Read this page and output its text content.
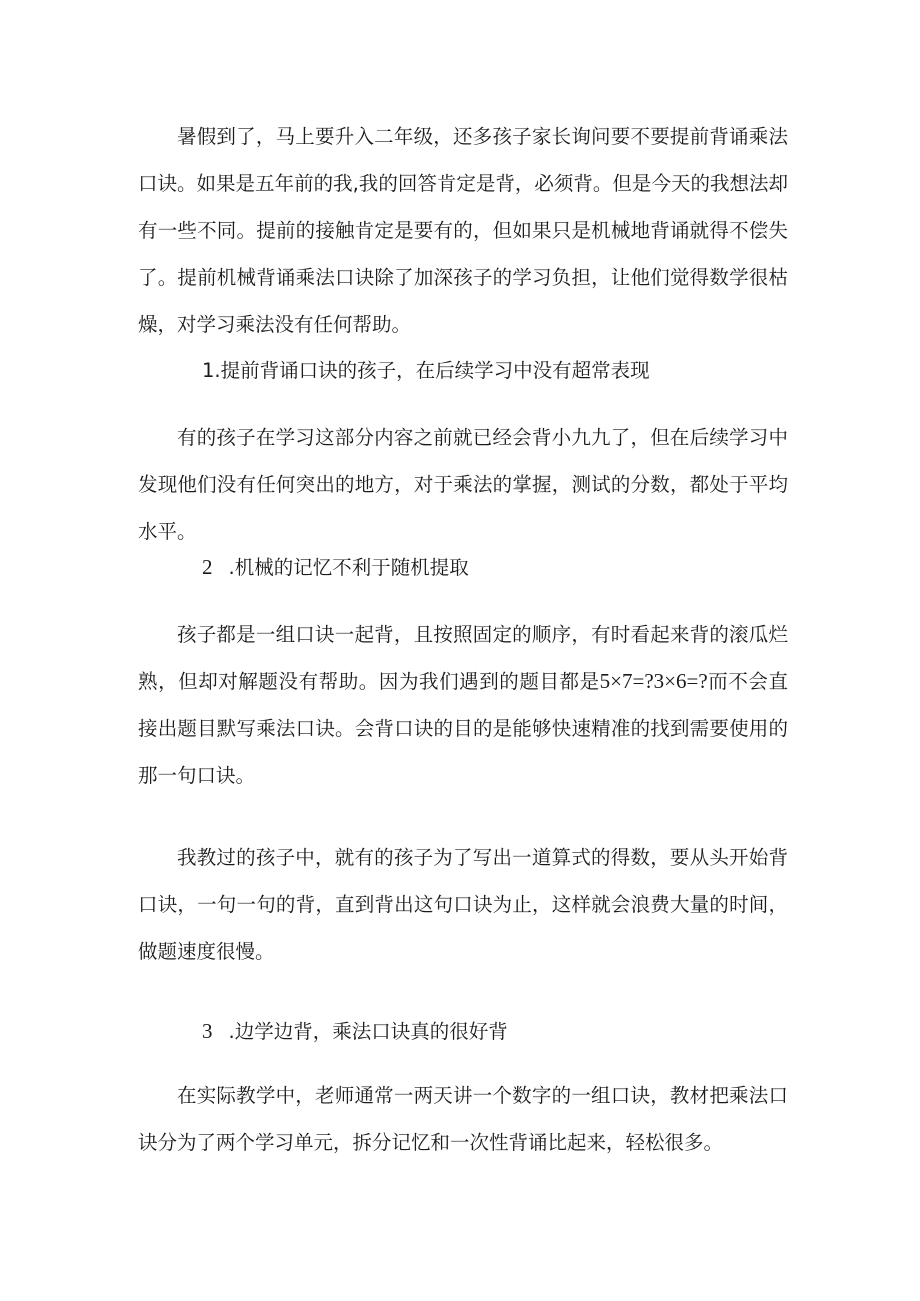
暑假到了，马上要升入二年级，还多孩子家长询问要不要提前背诵乘法口诀。如果是五年前的我,我的回答肯定是背，必须背。但是今天的我想法却有一些不同。提前的接触肯定是要有的，但如果只是机械地背诵就得不偿失了。提前机械背诵乘法口诀除了加深孩子的学习负担，让他们觉得数学很枯燥，对学习乘法没有任何帮助。

1.提前背诵口诀的孩子，在后续学习中没有超常表现

有的孩子在学习这部分内容之前就已经会背小九九了，但在后续学习中发现他们没有任何突出的地方，对于乘法的掌握，测试的分数，都处于平均水平。

2 .机械的记忆不利于随机提取

孩子都是一组口诀一起背，且按照固定的顺序，有时看起来背的滚瓜烂熟，但却对解题没有帮助。因为我们遇到的题目都是5×7=?3×6=?而不会直接出题目默写乘法口诀。会背口诀的目的是能够快速精准的找到需要使用的那一句口诀。

我教过的孩子中，就有的孩子为了写出一道算式的得数，要从头开始背口诀，一句一句的背，直到背出这句口诀为止，这样就会浪费大量的时间，做题速度很慢。

3 .边学边背，乘法口诀真的很好背

在实际教学中，老师通常一两天讲一个数字的一组口诀，教材把乘法口诀分为了两个学习单元，拆分记忆和一次性背诵比起来，轻松很多。
